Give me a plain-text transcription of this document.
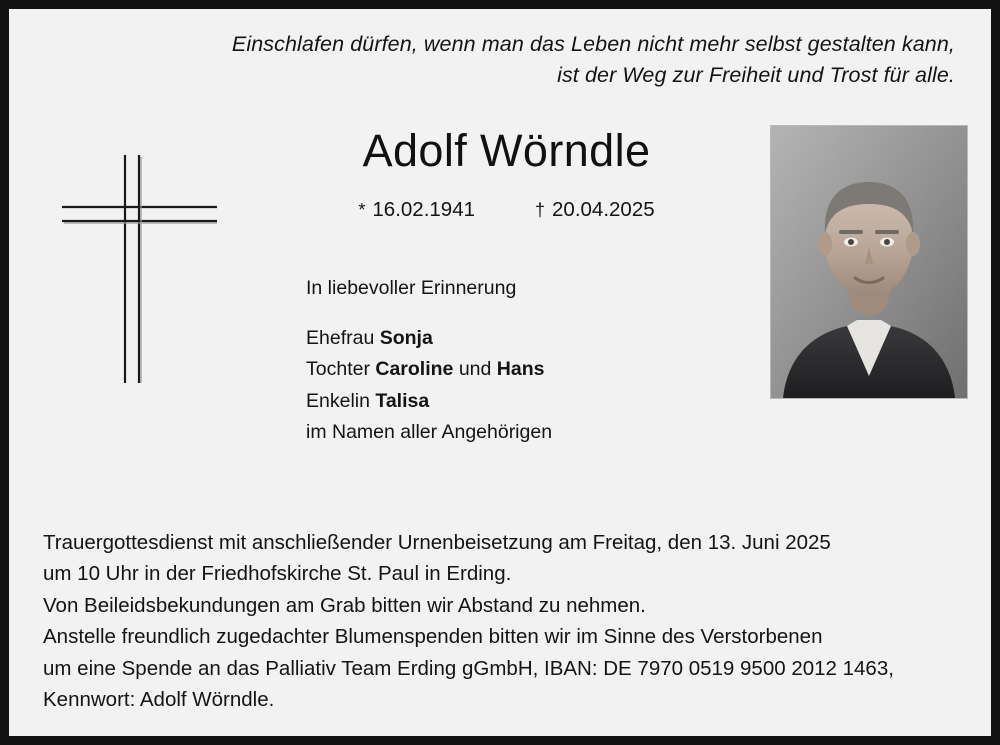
Einschlafen dürfen, wenn man das Leben nicht mehr selbst gestalten kann,
ist der Weg zur Freiheit und Trost für alle.
Adolf Wörndle
* 16.02.1941	† 20.04.2025
In liebevoller Erinnerung
Ehefrau Sonja
Tochter Caroline und Hans
Enkelin Talisa
im Namen aller Angehörigen
Trauergottesdienst mit anschließender Urnenbeisetzung am Freitag, den 13. Juni 2025
um 10 Uhr in der Friedhofskirche St. Paul in Erding.
Von Beileidsbekundungen am Grab bitten wir Abstand zu nehmen.
Anstelle freundlich zugedachter Blumenspenden bitten wir im Sinne des Verstorbenen
um eine Spende an das Palliativ Team Erding gGmbH, IBAN: DE 7970 0519 9500 2012 1463,
Kennwort: Adolf Wörndle.
